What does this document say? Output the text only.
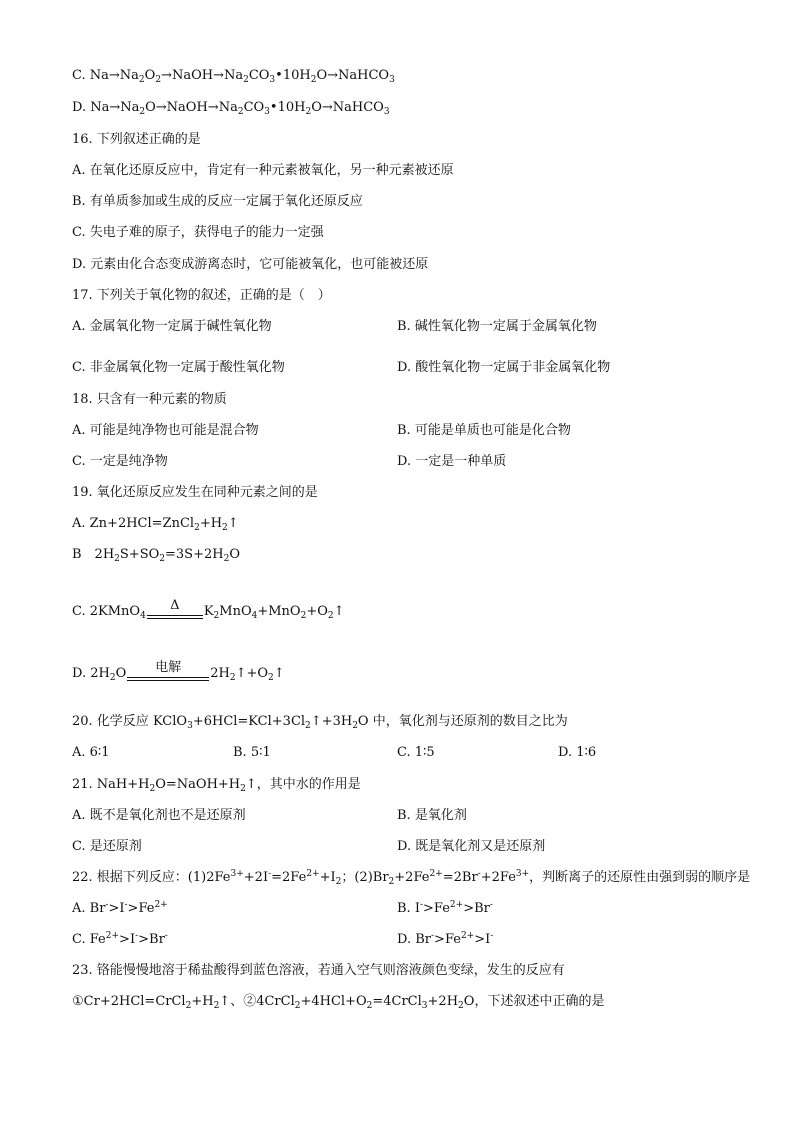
C. $Na\to Na_2O_2\to NaOH\to Na_2CO_3•10H_2O\to NaHCO_3$
D. $Na\to Na_2O\to NaOH\to Na_2CO_3•10H_2O\to NaHCO_3$
16. 下列叙述正确的是
A. 在氧化还原反应中，肯定有一种元素被氧化，另一种元素被还原
B. 有单质参加或生成的反应一定属于氧化还原反应
C. 失电子难的原子，获得电子的能力一定强
D. 元素由化合态变成游离态时，它可能被氧化，也可能被还原
17. 下列关于氧化物的叙述，正确的是（　）
A. 金属氧化物一定属于碱性氧化物	B. 碱性氧化物一定属于金属氧化物
C. 非金属氧化物一定属于酸性氧化物	D. 酸性氧化物一定属于非金属氧化物
18. 只含有一种元素的物质
A. 可能是纯净物也可能是混合物	B. 可能是单质也可能是化合物
C. 一定是纯净物	D. 一定是一种单质
19. 氧化还原反应发生在同种元素之间的是
A. $Zn+2HCl=ZnCl_2+H_2↑$
B　$2H_2S+SO_2=3S+2H_2O$
C. 2KMnO$_4$
Δ	$K_2MnO_4+MnO_2+O_2↑$
D. $2H_2O$	电解	$2H_2↑+O_2↑$
20. 化学反应 $KClO_3+6HCl=KCl+3Cl_2↑+3H_2O$ 中，氧化剂与还原剂的数目之比为
A. 6∶1	B. 5∶1	C. 1∶5	D. 1∶6
21. $NaH+H_2O=NaOH+H_2↑$，其中水的作用是
A. 既不是氧化剂也不是还原剂	B. 是氧化剂
C. 是还原剂	D. 既是氧化剂又是还原剂
22. 根据下列反应：$(1)2Fe^{3+}+2I^-=2Fe^{2+}+I_2$；$(2)Br_2+2Fe^{2+}=2Br^-+2Fe^{3+}$，判断离子的还原性由强到弱的顺序是
A. $Br^->I^->Fe^{2+}$	B. $I^->Fe^{2+}>Br^-$
C. $Fe^{2+}>I^->Br^-$	D. $Br^->Fe^{2+}>I^-$
23. 铬能慢慢地溶于稀盐酸得到蓝色溶液，若通入空气则溶液颜色变绿，发生的反应有
$①Cr+2HCl=CrCl_2+H_2↑$、$②4CrCl_2+4HCl+O_2=4CrCl_3+2H_2O$，下述叙述中正确的是
